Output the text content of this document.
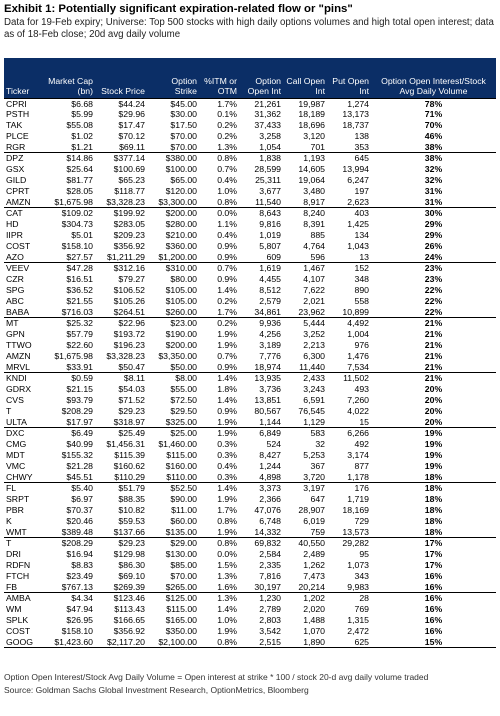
Exhibit 1: Potentially significant expiration-related flow or "pins"
Data for 19-Feb expiry; Universe: Top 500 stocks with high daily options volumes and high total open interest; data as of 18-Feb close; 20d avg daily volume
Ticker	Market Cap (bn)	Stock Price	Option Strike	%ITM or OTM	Option Open Int	Call Open Int	Put Open Int	Option Open Interest/Stock Avg Daily Volume
CPRI	$6.68	$44.24	$45.00	1.7%	21,261	19,987	1,274	78%
PSTH	$5.99	$29.96	$30.00	0.1%	31,362	18,189	13,173	71%
TAK	$55.08	$17.47	$17.50	0.2%	37,433	18,696	18,737	70%
PLCE	$1.02	$70.12	$70.00	0.2%	3,258	3,120	138	46%
RGR	$1.21	$69.11	$70.00	1.3%	1,054	701	353	38%
DPZ	$14.86	$377.14	$380.00	0.8%	1,838	1,193	645	38%
GSX	$25.64	$100.69	$100.00	0.7%	28,599	14,605	13,994	32%
GILD	$81.77	$65.23	$65.00	0.4%	25,311	19,064	6,247	32%
CPRT	$28.05	$118.77	$120.00	1.0%	3,677	3,480	197	31%
AMZN	$1,675.98	$3,328.23	$3,300.00	0.8%	11,540	8,917	2,623	31%
CAT	$109.02	$199.92	$200.00	0.0%	8,643	8,240	403	30%
HD	$304.73	$283.05	$280.00	1.1%	9,816	8,391	1,425	29%
IIPR	$5.01	$209.23	$210.00	0.4%	1,019	885	134	29%
COST	$158.10	$356.92	$360.00	0.9%	5,807	4,764	1,043	26%
AZO	$27.57	$1,211.29	$1,200.00	0.9%	609	596	13	24%
VEEV	$47.28	$312.16	$310.00	0.7%	1,619	1,467	152	23%
CZR	$16.51	$79.27	$80.00	0.9%	4,455	4,107	348	23%
SPG	$36.52	$106.52	$105.00	1.4%	8,512	7,622	890	22%
ABC	$21.55	$105.26	$105.00	0.2%	2,579	2,021	558	22%
BABA	$716.03	$264.51	$260.00	1.7%	34,861	23,962	10,899	22%
MT	$25.32	$22.96	$23.00	0.2%	9,936	5,444	4,492	21%
GPN	$57.79	$193.72	$190.00	1.9%	4,256	3,252	1,004	21%
TTWO	$22.60	$196.23	$200.00	1.9%	3,189	2,213	976	21%
AMZN	$1,675.98	$3,328.23	$3,350.00	0.7%	7,776	6,300	1,476	21%
MRVL	$33.91	$50.47	$50.00	0.9%	18,974	11,440	7,534	21%
KNDI	$0.59	$8.11	$8.00	1.4%	13,935	2,433	11,502	21%
GDRX	$21.15	$54.03	$55.00	1.8%	3,736	3,243	493	20%
CVS	$93.79	$71.52	$72.50	1.4%	13,851	6,591	7,260	20%
T	$208.29	$29.23	$29.50	0.9%	80,567	76,545	4,022	20%
ULTA	$17.97	$318.97	$325.00	1.9%	1,144	1,129	15	20%
DXC	$6.49	$25.49	$25.00	1.9%	6,849	583	6,266	19%
CMG	$40.99	$1,456.31	$1,460.00	0.3%	524	32	492	19%
MDT	$155.32	$115.39	$115.00	0.3%	8,427	5,253	3,174	19%
VMC	$21.28	$160.62	$160.00	0.4%	1,244	367	877	19%
CHWY	$45.51	$110.29	$110.00	0.3%	4,898	3,720	1,178	18%
FL	$5.40	$51.79	$52.50	1.4%	3,373	3,197	176	18%
SRPT	$6.97	$88.35	$90.00	1.9%	2,366	647	1,719	18%
PBR	$70.37	$10.82	$11.00	1.7%	47,076	28,907	18,169	18%
K	$20.46	$59.53	$60.00	0.8%	6,748	6,019	729	18%
WMT	$389.48	$137.66	$135.00	1.9%	14,332	759	13,573	18%
T	$208.29	$29.23	$29.00	0.8%	69,832	40,550	29,282	17%
DRI	$16.94	$129.98	$130.00	0.0%	2,584	2,489	95	17%
RDFN	$8.83	$86.30	$85.00	1.5%	2,335	1,262	1,073	17%
FTCH	$23.49	$69.10	$70.00	1.3%	7,816	7,473	343	16%
FB	$767.13	$269.39	$265.00	1.6%	30,197	20,214	9,983	16%
AMBA	$4.34	$123.46	$125.00	1.3%	1,230	1,202	28	16%
WM	$47.94	$113.43	$115.00	1.4%	2,789	2,020	769	16%
SPLK	$26.95	$166.65	$165.00	1.0%	2,803	1,488	1,315	16%
COST	$158.10	$356.92	$350.00	1.9%	3,542	1,070	2,472	16%
GOOG	$1,423.60	$2,117.20	$2,100.00	0.8%	2,515	1,890	625	15%
Option Open Interest/Stock Avg Daily Volume = Open interest at strike * 100 / stock 20-d avg daily volume traded
Source: Goldman Sachs Global Investment Research, OptionMetrics, Bloomberg
